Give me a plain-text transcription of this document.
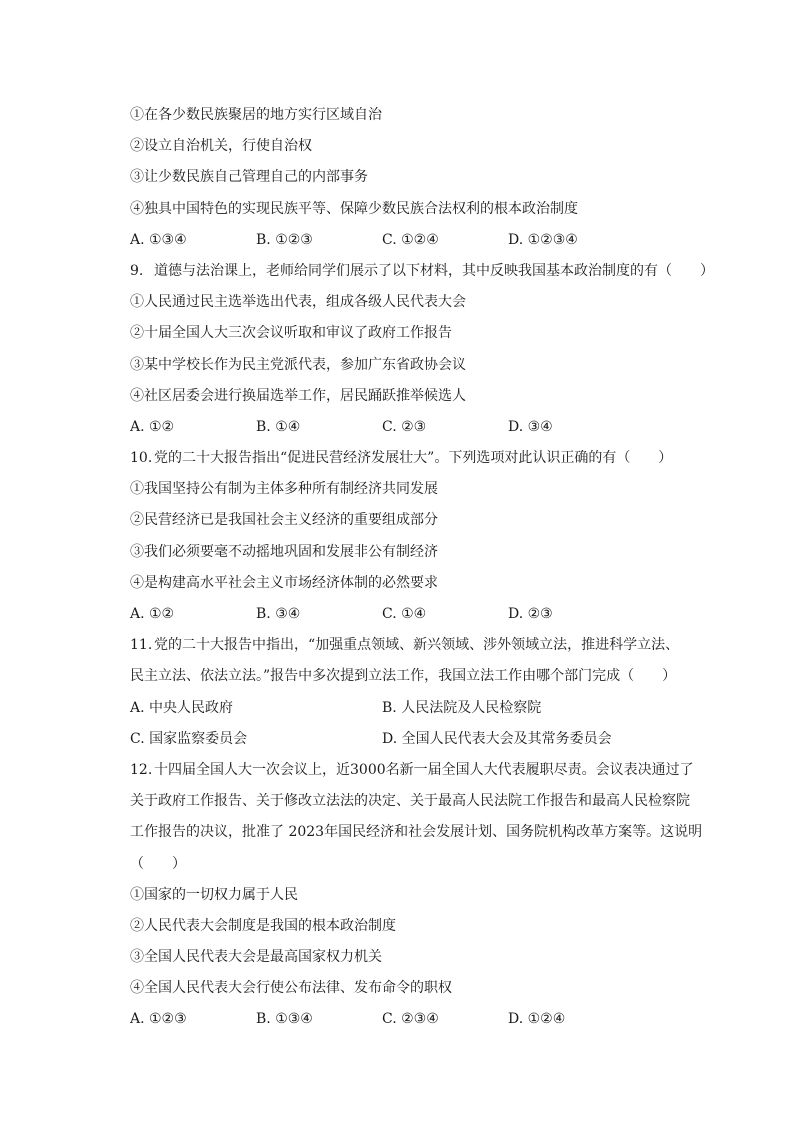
①在各少数民族聚居的地方实行区域自治
②设立自治机关，行使自治权
③让少数民族自己管理自己的内部事务
④独具中国特色的实现民族平等、保障少数民族合法权利的根本政治制度
A. ①③④	B. ①②③	C. ①②④	D. ①②③④
9. 道德与法治课上，老师给同学们展示了以下材料，其中反映我国基本政治制度的有（　　）
①人民通过民主选举选出代表，组成各级人民代表大会
②十届全国人大三次会议听取和审议了政府工作报告
③某中学校长作为民主党派代表，参加广东省政协会议
④社区居委会进行换届选举工作，居民踊跃推举候选人
A. ①②	B. ①④	C. ②③	D. ③④
10. 党的二十大报告指出“促进民营经济发展壮大”。下列选项对此认识正确的有（　　）
①我国坚持公有制为主体多种所有制经济共同发展
②民营经济已是我国社会主义经济的重要组成部分
③我们必须要毫不动摇地巩固和发展非公有制经济
④是构建高水平社会主义市场经济体制的必然要求
A. ①②	B. ③④	C. ①④	D. ②③
11. 党的二十大报告中指出，“加强重点领域、新兴领域、涉外领域立法，推进科学立法、
民主立法、依法立法。”报告中多次提到立法工作，我国立法工作由哪个部门完成（　　）
A. 中央人民政府	B. 人民法院及人民检察院
C. 国家监察委员会	D. 全国人民代表大会及其常务委员会
12. 十四届全国人大一次会议上，近3000名新一届全国人大代表履职尽责。会议表决通过了
关于政府工作报告、关于修改立法法的决定、关于最高人民法院工作报告和最高人民检察院
工作报告的决议，批准了 2023年国民经济和社会发展计划、国务院机构改革方案等。这说明
（　　）
①国家的一切权力属于人民
②人民代表大会制度是我国的根本政治制度
③全国人民代表大会是最高国家权力机关
④全国人民代表大会行使公布法律、发布命令的职权
A. ①②③	B. ①③④	C. ②③④	D. ①②④
